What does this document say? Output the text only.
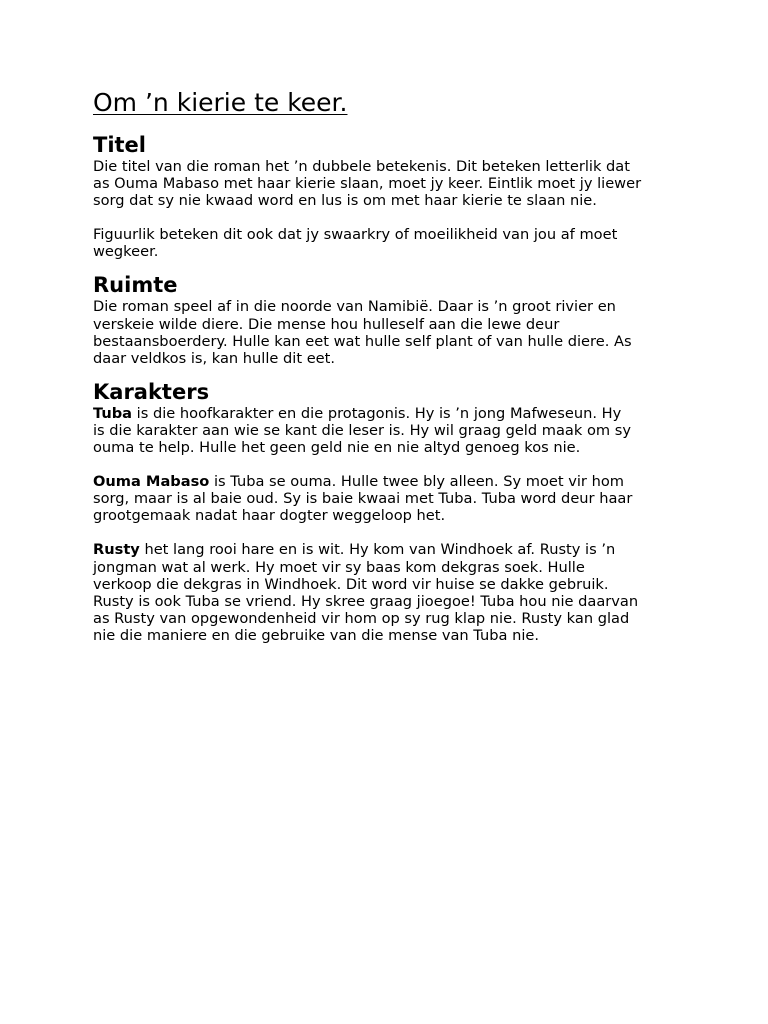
Om ’n kierie te keer.
Titel

Die titel van die roman het ’n dubbele betekenis. Dit beteken letterlik dat
as Ouma Mabaso met haar kierie slaan, moet jy keer. Eintlik moet jy liewer
sorg dat sy nie kwaad word en lus is om met haar kierie te slaan nie.

Figuurlik beteken dit ook dat jy swaarkry of moeilikheid van jou af moet
wegkeer.

Ruimte

Die roman speel af in die noorde van Namibië. Daar is ’n groot rivier en
verskeie wilde diere. Die mense hou hulleself aan die lewe deur
bestaansboerdery. Hulle kan eet wat hulle self plant of van hulle diere. As
daar veldkos is, kan hulle dit eet.

Karakters

Tuba is die hoofkarakter en die protagonis. Hy is ’n jong Mafweseun. Hy
is die karakter aan wie se kant die leser is. Hy wil graag geld maak om sy
ouma te help. Hulle het geen geld nie en nie altyd genoeg kos nie.

Ouma Mabaso is Tuba se ouma. Hulle twee bly alleen. Sy moet vir hom
sorg, maar is al baie oud. Sy is baie kwaai met Tuba. Tuba word deur haar
grootgemaak nadat haar dogter weggeloop het.

Rusty het lang rooi hare en is wit. Hy kom van Windhoek af. Rusty is ’n
jongman wat al werk. Hy moet vir sy baas kom dekgras soek. Hulle
verkoop die dekgras in Windhoek. Dit word vir huise se dakke gebruik.
Rusty is ook Tuba se vriend. Hy skree graag jioegoe! Tuba hou nie daarvan
as Rusty van opgewondenheid vir hom op sy rug klap nie. Rusty kan glad
nie die maniere en die gebruike van die mense van Tuba nie.
